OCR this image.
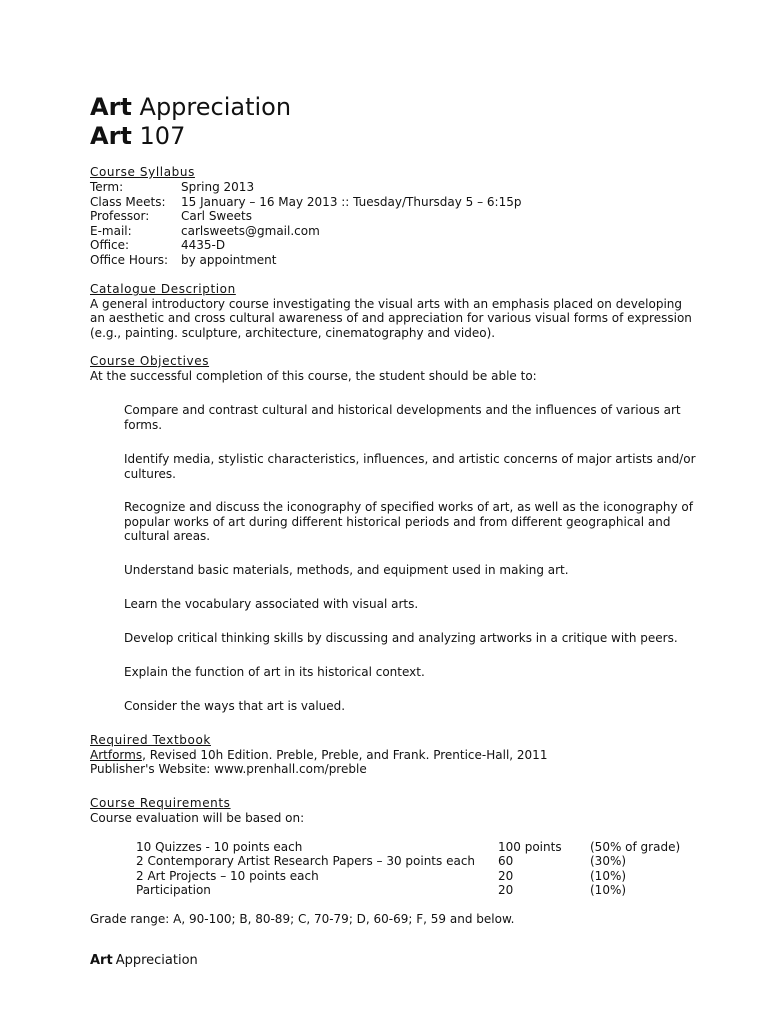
Art Appreciation
Art 107
Course Syllabus
Term:	Spring 2013
Class Meets: 15 January – 16 May 2013 :: Tuesday/Thursday 5 – 6:15p
Professor:	Carl Sweets
E-mail:	carlsweets@gmail.com
Office:	4435-D
Office Hours: by appointment
Catalogue Description
A general introductory course investigating the visual arts with an emphasis placed on developing
an aesthetic and cross cultural awareness of and appreciation for various visual forms of expression
(e.g., painting. sculpture, architecture, cinematography and video).
Course Objectives
At the successful completion of this course, the student should be able to:
Compare and contrast cultural and historical developments and the influences of various art
forms.
Identify media, stylistic characteristics, influences, and artistic concerns of major artists and/or
cultures.
Recognize and discuss the iconography of specified works of art, as well as the iconography of
popular works of art during different historical periods and from different geographical and
cultural areas.
Understand basic materials, methods, and equipment used in making art.
Learn the vocabulary associated with visual arts.
Develop critical thinking skills by discussing and analyzing artworks in a critique with peers.
Explain the function of art in its historical context.
Consider the ways that art is valued.
Required Textbook
Artforms, Revised 10h Edition. Preble, Preble, and Frank. Prentice-Hall, 2011
Publisher's Website: www.prenhall.com/preble
Course Requirements
Course evaluation will be based on:
10 Quizzes - 10 points each	100 points (50% of grade)
2 Contemporary Artist Research Papers – 30 points each 60	(30%)
2 Art Projects – 10 points each	20	(10%)
Participation	20	(10%)
Grade range: A, 90-100; B, 80-89; C, 70-79; D, 60-69; F, 59 and below.
Art Appreciation
